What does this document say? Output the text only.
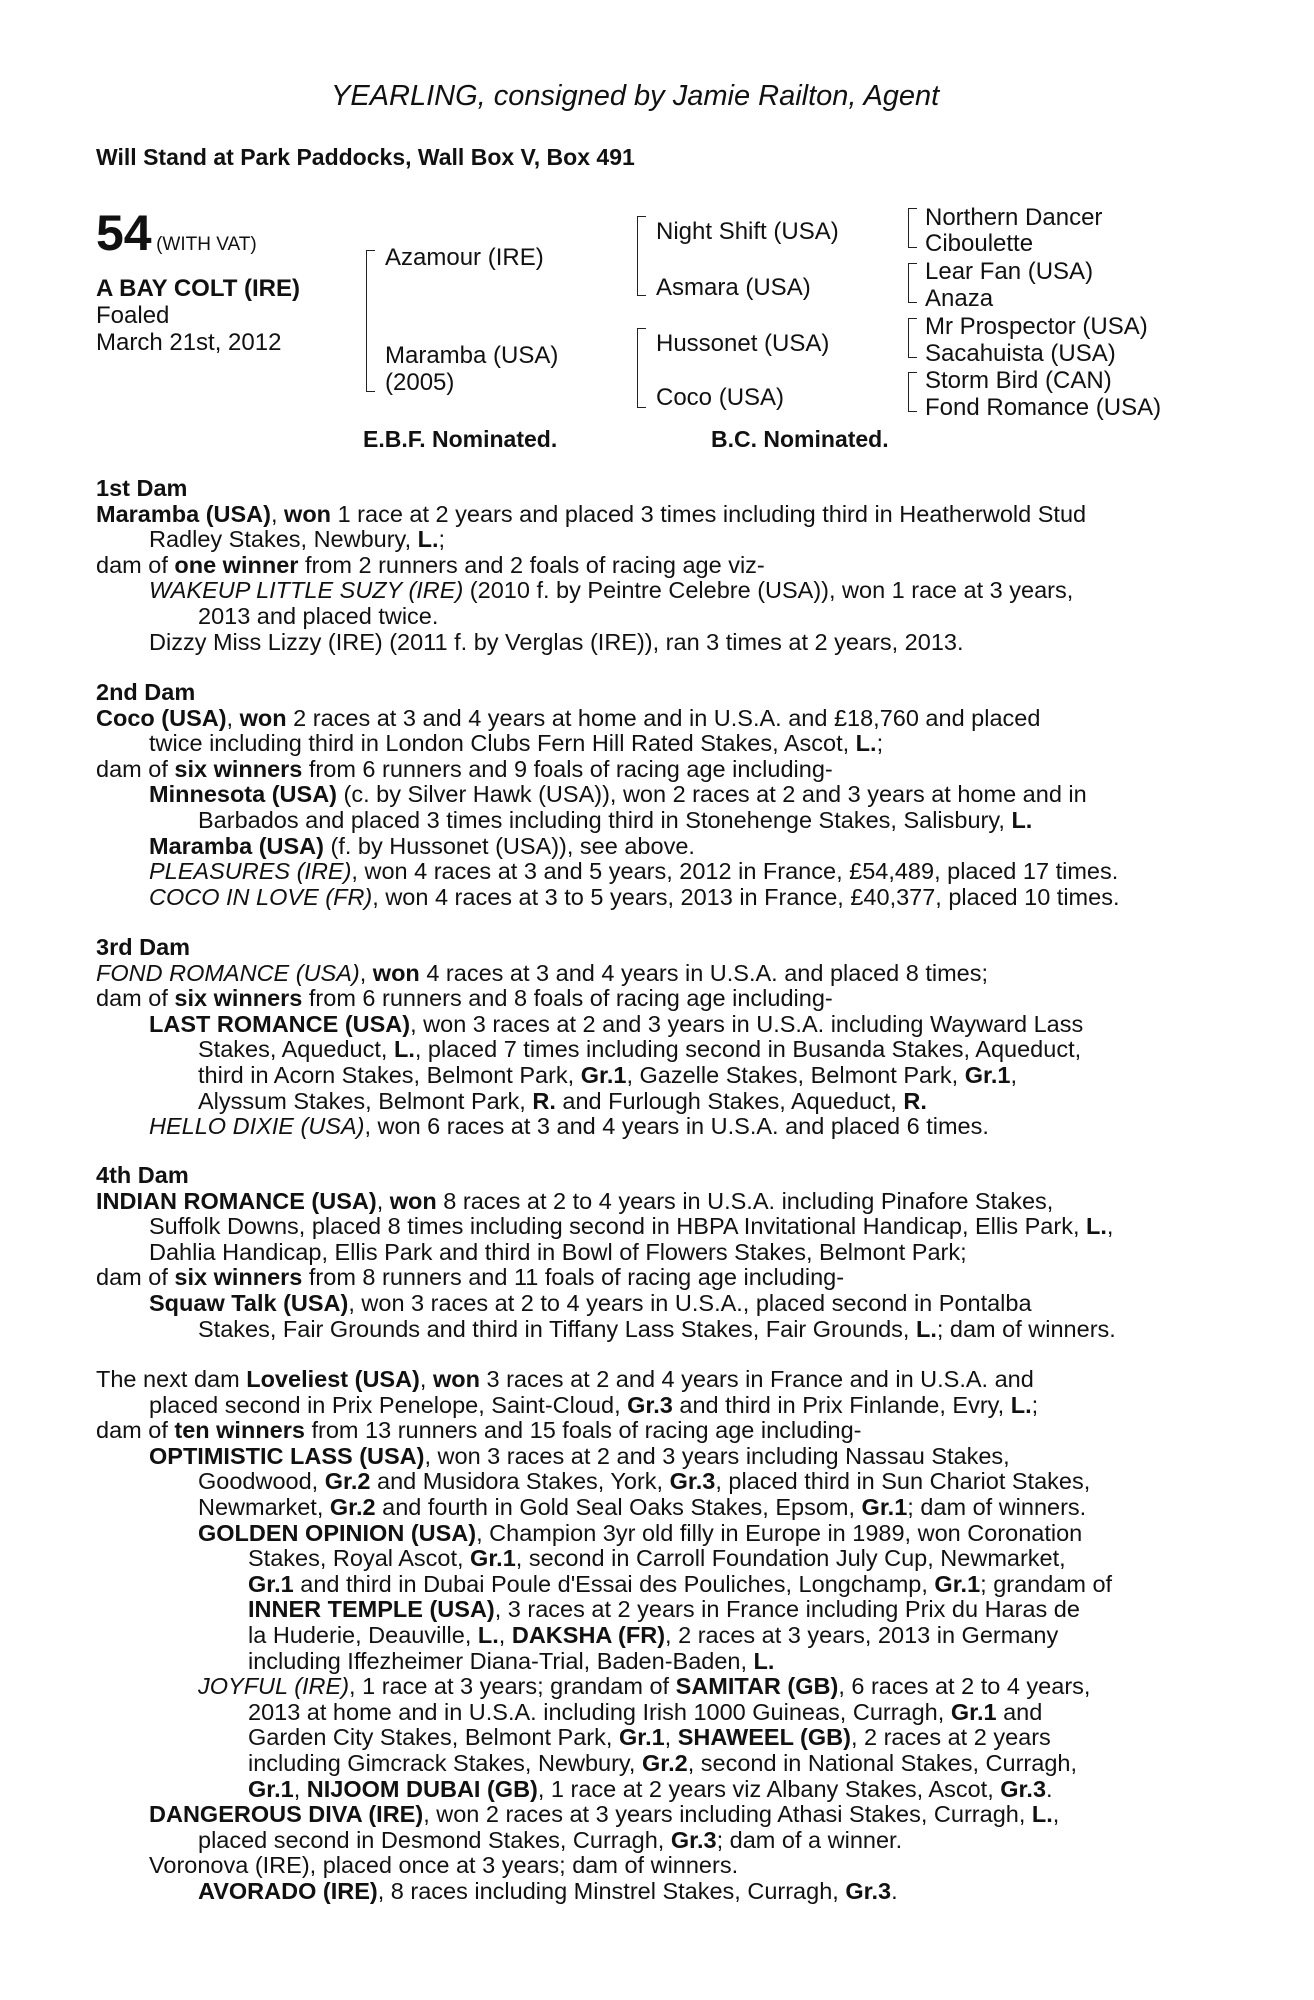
YEARLING, consigned by Jamie Railton, Agent
Will Stand at Park Paddocks, Wall Box V, Box 491
54 (WITH VAT)
A BAY COLT (IRE)
Foaled
March 21st, 2012
Azamour (IRE)
Maramba (USA)
(2005)
Night Shift (USA)
Asmara (USA)
Hussonet (USA)
Coco (USA)
Northern Dancer
Ciboulette
Lear Fan (USA)
Anaza
Mr Prospector (USA)
Sacahuista (USA)
Storm Bird (CAN)
Fond Romance (USA)
E.B.F. Nominated.	B.C. Nominated.
1st Dam
Maramba (USA), won 1 race at 2 years and placed 3 times including third in Heatherwold Stud
Radley Stakes, Newbury, L.;
dam of one winner from 2 runners and 2 foals of racing age viz-
WAKEUP LITTLE SUZY (IRE) (2010 f. by Peintre Celebre (USA)), won 1 race at 3 years,
2013 and placed twice.
Dizzy Miss Lizzy (IRE) (2011 f. by Verglas (IRE)), ran 3 times at 2 years, 2013.
2nd Dam
Coco (USA), won 2 races at 3 and 4 years at home and in U.S.A. and £18,760 and placed
twice including third in London Clubs Fern Hill Rated Stakes, Ascot, L.;
dam of six winners from 6 runners and 9 foals of racing age including-
Minnesota (USA) (c. by Silver Hawk (USA)), won 2 races at 2 and 3 years at home and in
Barbados and placed 3 times including third in Stonehenge Stakes, Salisbury, L.
Maramba (USA) (f. by Hussonet (USA)), see above.
PLEASURES (IRE), won 4 races at 3 and 5 years, 2012 in France, £54,489, placed 17 times.
COCO IN LOVE (FR), won 4 races at 3 to 5 years, 2013 in France, £40,377, placed 10 times.
3rd Dam
FOND ROMANCE (USA), won 4 races at 3 and 4 years in U.S.A. and placed 8 times;
dam of six winners from 6 runners and 8 foals of racing age including-
LAST ROMANCE (USA), won 3 races at 2 and 3 years in U.S.A. including Wayward Lass
Stakes, Aqueduct, L., placed 7 times including second in Busanda Stakes, Aqueduct,
third in Acorn Stakes, Belmont Park, Gr.1, Gazelle Stakes, Belmont Park, Gr.1,
Alyssum Stakes, Belmont Park, R. and Furlough Stakes, Aqueduct, R.
HELLO DIXIE (USA), won 6 races at 3 and 4 years in U.S.A. and placed 6 times.
4th Dam
INDIAN ROMANCE (USA), won 8 races at 2 to 4 years in U.S.A. including Pinafore Stakes,
Suffolk Downs, placed 8 times including second in HBPA Invitational Handicap, Ellis Park, L.,
Dahlia Handicap, Ellis Park and third in Bowl of Flowers Stakes, Belmont Park;
dam of six winners from 8 runners and 11 foals of racing age including-
Squaw Talk (USA), won 3 races at 2 to 4 years in U.S.A., placed second in Pontalba
Stakes, Fair Grounds and third in Tiffany Lass Stakes, Fair Grounds, L.; dam of winners.
The next dam Loveliest (USA), won 3 races at 2 and 4 years in France and in U.S.A. and
placed second in Prix Penelope, Saint-Cloud, Gr.3 and third in Prix Finlande, Evry, L.;
dam of ten winners from 13 runners and 15 foals of racing age including-
OPTIMISTIC LASS (USA), won 3 races at 2 and 3 years including Nassau Stakes,
Goodwood, Gr.2 and Musidora Stakes, York, Gr.3, placed third in Sun Chariot Stakes,
Newmarket, Gr.2 and fourth in Gold Seal Oaks Stakes, Epsom, Gr.1; dam of winners.
GOLDEN OPINION (USA), Champion 3yr old filly in Europe in 1989, won Coronation
Stakes, Royal Ascot, Gr.1, second in Carroll Foundation July Cup, Newmarket,
Gr.1 and third in Dubai Poule d'Essai des Pouliches, Longchamp, Gr.1; grandam of
INNER TEMPLE (USA), 3 races at 2 years in France including Prix du Haras de
la Huderie, Deauville, L., DAKSHA (FR), 2 races at 3 years, 2013 in Germany
including Iffezheimer Diana-Trial, Baden-Baden, L.
JOYFUL (IRE), 1 race at 3 years; grandam of SAMITAR (GB), 6 races at 2 to 4 years,
2013 at home and in U.S.A. including Irish 1000 Guineas, Curragh, Gr.1 and
Garden City Stakes, Belmont Park, Gr.1, SHAWEEL (GB), 2 races at 2 years
including Gimcrack Stakes, Newbury, Gr.2, second in National Stakes, Curragh,
Gr.1, NIJOOM DUBAI (GB), 1 race at 2 years viz Albany Stakes, Ascot, Gr.3.
DANGEROUS DIVA (IRE), won 2 races at 3 years including Athasi Stakes, Curragh, L.,
placed second in Desmond Stakes, Curragh, Gr.3; dam of a winner.
Voronova (IRE), placed once at 3 years; dam of winners.
AVORADO (IRE), 8 races including Minstrel Stakes, Curragh, Gr.3.
